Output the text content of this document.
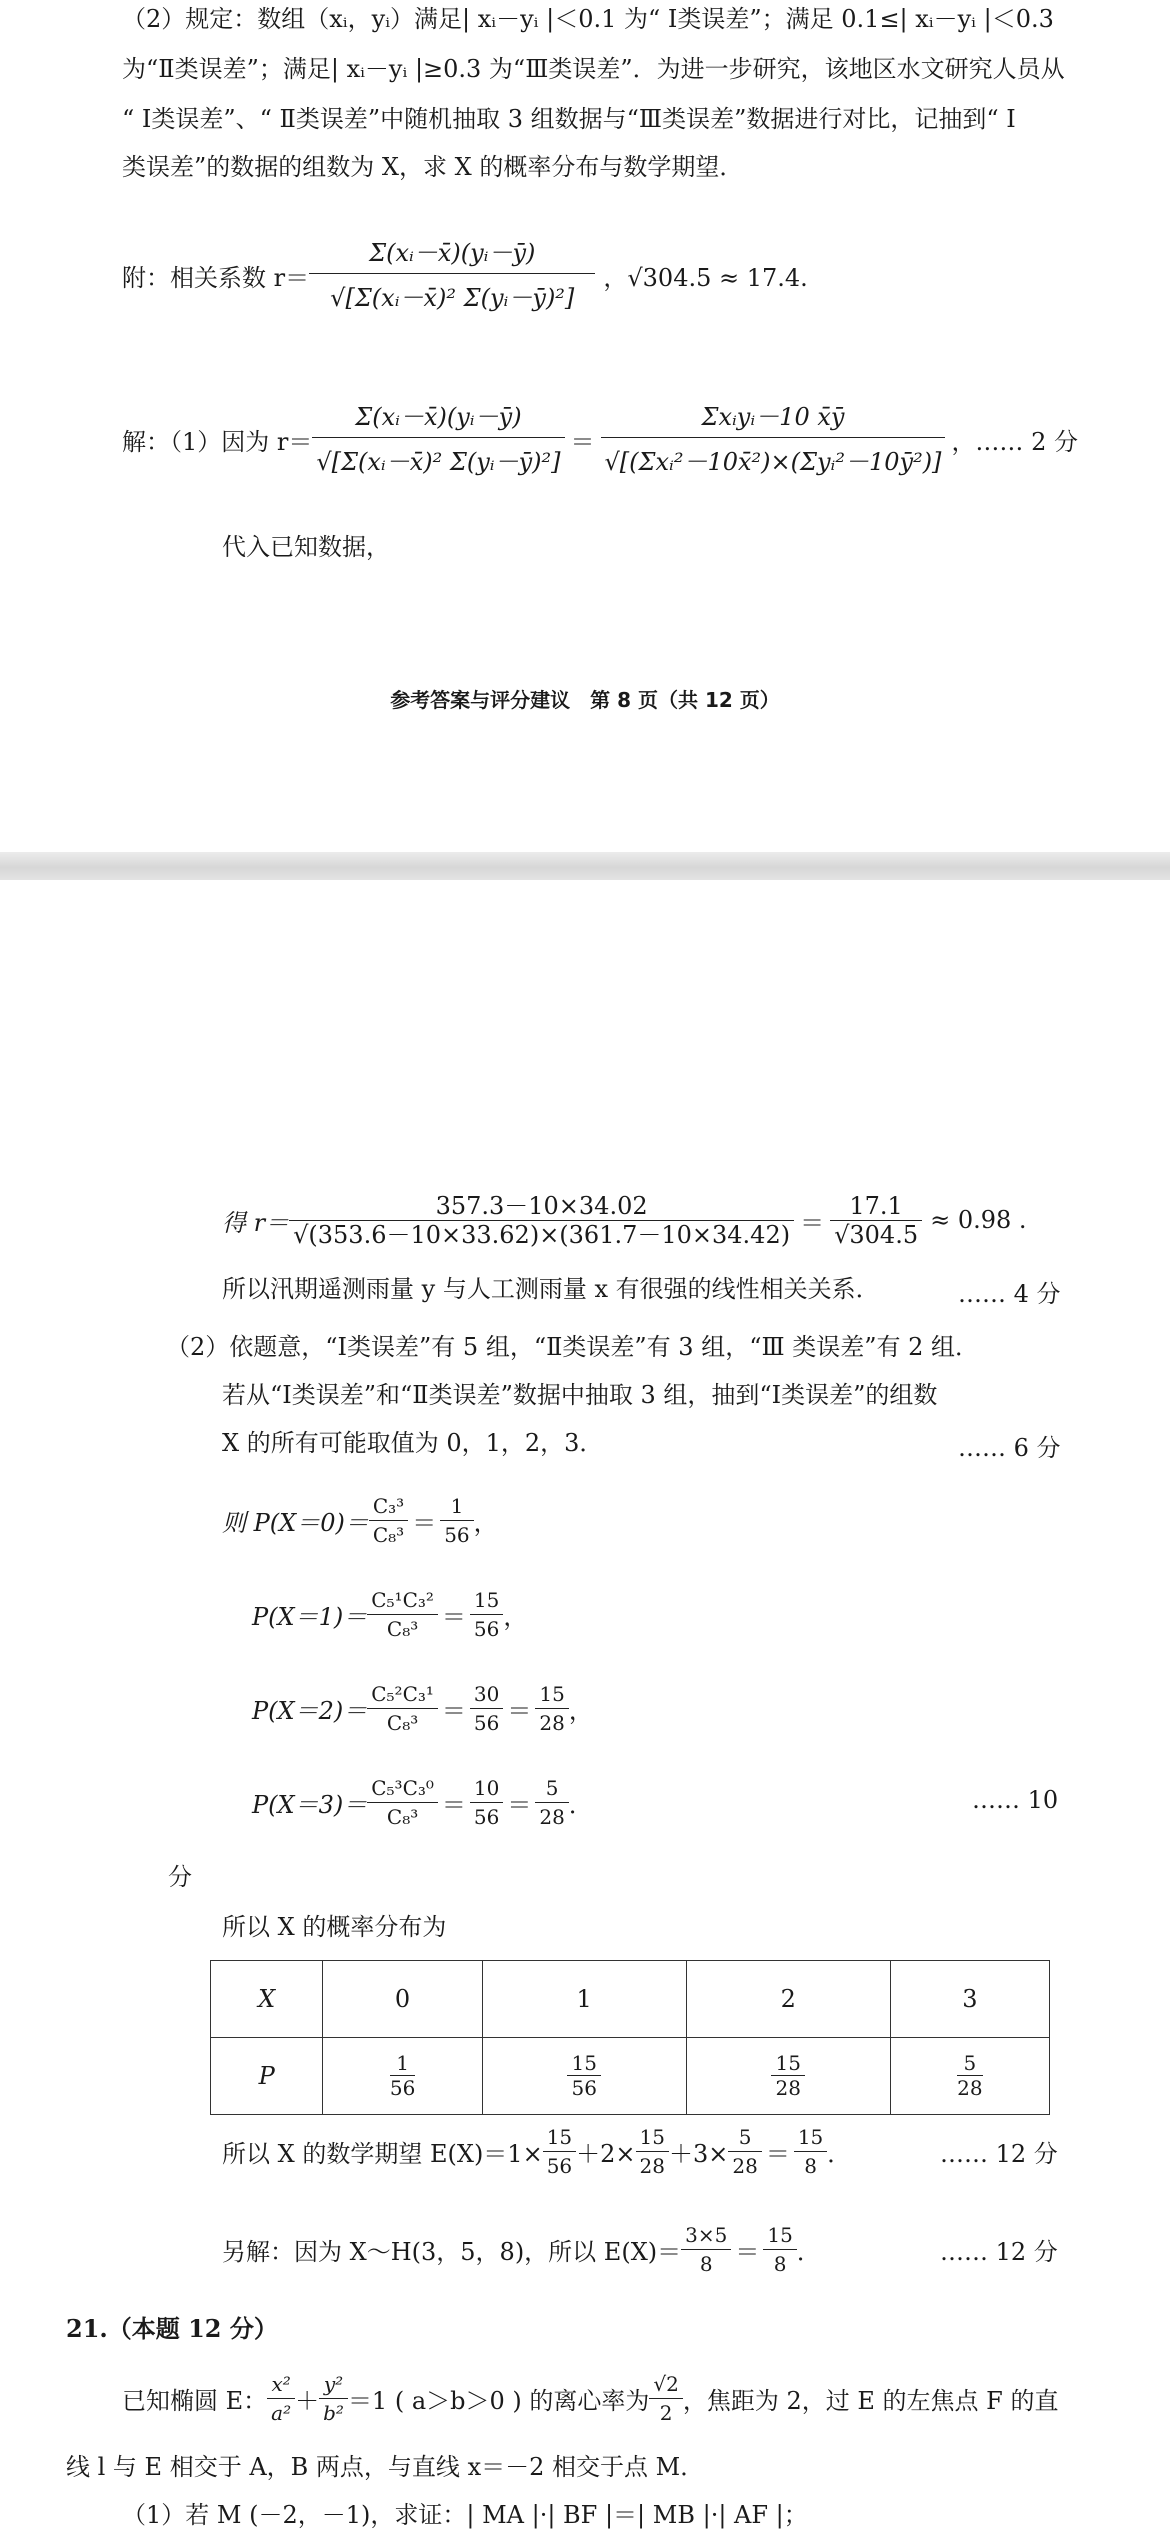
（2）规定：数组（xᵢ，yᵢ）满足| xᵢ－yᵢ |＜0.1 为“ Ⅰ类误差”；满足 0.1≤| xᵢ－yᵢ |＜0.3
为“Ⅱ类误差”；满足| xᵢ－yᵢ |≥0.3 为“Ⅲ类误差”．为进一步研究，该地区水文研究人员从
“ Ⅰ类误差”、“ Ⅱ类误差”中随机抽取 3 组数据与“Ⅲ类误差”数据进行对比，记抽到“ Ⅰ
类误差”的数据的组数为 X，求 X 的概率分布与数学期望．
附：相关系数 $r= \frac{\text{Σ(xᵢ－x̄)(yᵢ－ȳ)}}{\text{√[Σ(xᵢ－x̄)² Σ(yᵢ－ȳ)²]}}$ ，√304.5 ≈ 17.4.
解：（1）因为 $r= \frac{\text{Σ(xᵢ－x̄)(yᵢ－ȳ)}}{\text{√[Σ(xᵢ－x̄)² Σ(yᵢ－ȳ)²]}} = \frac{\text{Σxᵢyᵢ－10 x̄ȳ}}{\text{√[(Σxᵢ²－10x̄²)×(Σyᵢ²－10ȳ²)]}}$ ，…… 2 分
代入已知数据，
参考答案与评分建议　第 8 页（共 12 页）
得 $r= \frac{357.3-10\times 34.02}{√(353.6-10\times 33.62)\times(361.7-10\times 34.42)} = \frac{17.1}{√304.5} \approx 0.98$ .
所以汛期遥测雨量 y 与人工测雨量 x 有很强的线性相关关系．	…… 4 分
（2）依题意，“Ⅰ类误差”有 5 组，“Ⅱ类误差”有 3 组，“Ⅲ 类误差”有 2 组．
若从“Ⅰ类误差”和“Ⅱ类误差”数据中抽取 3 组，抽到“Ⅰ类误差”的组数
X 的所有可能取值为 0，1，2，3．	…… 6 分
则 $P(X=0)= \frac{\text{C₃³}}{\text{C₈³}} = \frac{1}{56}$ ，
$P(X=1)= \frac{\text{C₅¹C₃²}}{\text{C₈³}} = \frac{15}{56}$ ，
$P(X=2)= \frac{\text{C₅²C₃¹}}{\text{C₈³}} = \frac{30}{56} = \frac{15}{28}$ ，
$P(X=3)= \frac{\text{C₅³C₃⁰}}{\text{C₈³}} = \frac{10}{56} = \frac{5}{28}$ ．	…… 10
分
所以 X 的概率分布为
X	0	1	2	3
P	$\frac{1}{56}$	$\frac{15}{56}$	$\frac{15}{28}$	$\frac{5}{28}$
所以 X 的数学期望 $E(X)=1\times \frac{15}{56} +2\times \frac{15}{28} +3\times \frac{5}{28} = \frac{15}{8}$ ．	…… 12 分
另解：因为 X～H(3，5，8)，所以 $E(X)= \frac{3\times 5}{8} = \frac{15}{8}$ ．	…… 12 分
21.（本题 12 分）
已知椭圆 E： $\frac{\text{x²}}{\text{a²}} + \frac{\text{y²}}{\text{b²}} =1$ ( a＞b＞0 ) 的离心率为 $\frac{√2}{2}$ ，焦距为 2，过 E 的左焦点 F 的直
线 l 与 E 相交于 A，B 两点，与直线 x＝－2 相交于点 M．
（1）若 M (－2，－1)，求证：| MA |·| BF |＝| MB |·| AF |；
